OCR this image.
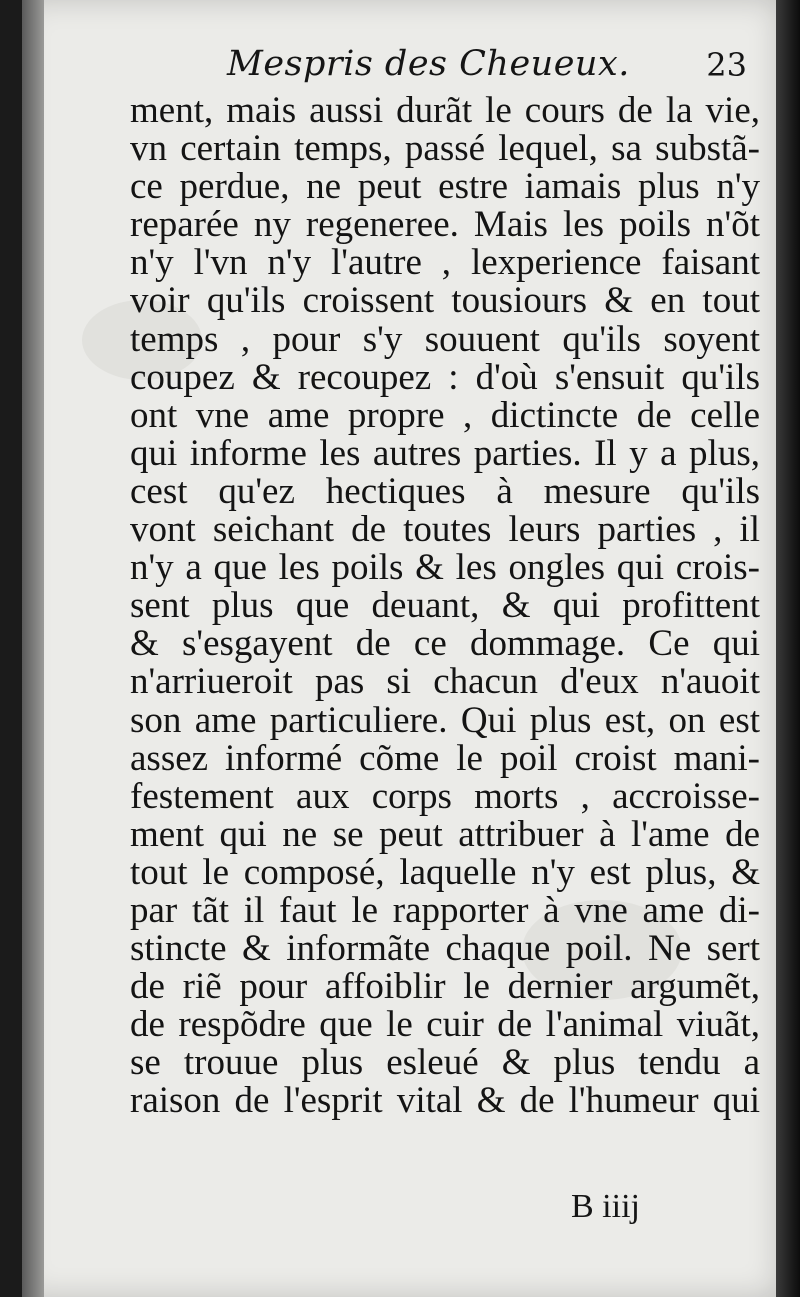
Mespris des Cheueux. 23
ment, mais aussi durãt le cours de la vie,
vn certain temps, passé lequel, sa substã-
ce perdue, ne peut estre iamais plus n'y
reparée ny regeneree. Mais les poils n'õt
n'y l'vn n'y l'autre , lexperience faisant
voir qu'ils croissent tousiours & en tout
temps , pour s'y souuent qu'ils soyent
coupez & recoupez : d'où s'ensuit qu'ils
ont vne ame propre , dictincte de celle
qui informe les autres parties. Il y a plus,
cest qu'ez hectiques à mesure qu'ils
vont seichant de toutes leurs parties , il
n'y a que les poils & les ongles qui crois-
sent plus que deuant, & qui profittent
& s'esgayent de ce dommage. Ce qui
n'arriueroit pas si chacun d'eux n'auoit
son ame particuliere. Qui plus est, on est
assez informé cõme le poil croist mani-
festement aux corps morts , accroisse-
ment qui ne se peut attribuer à l'ame de
tout le composé, laquelle n'y est plus, &
par tãt il faut le rapporter à vne ame di-
stincte & informãte chaque poil. Ne sert
de riẽ pour affoiblir le dernier argumẽt,
de respõdre que le cuir de l'animal viuãt,
se trouue plus esleué & plus tendu a
raison de l'esprit vital & de l'humeur qui
B iiij
